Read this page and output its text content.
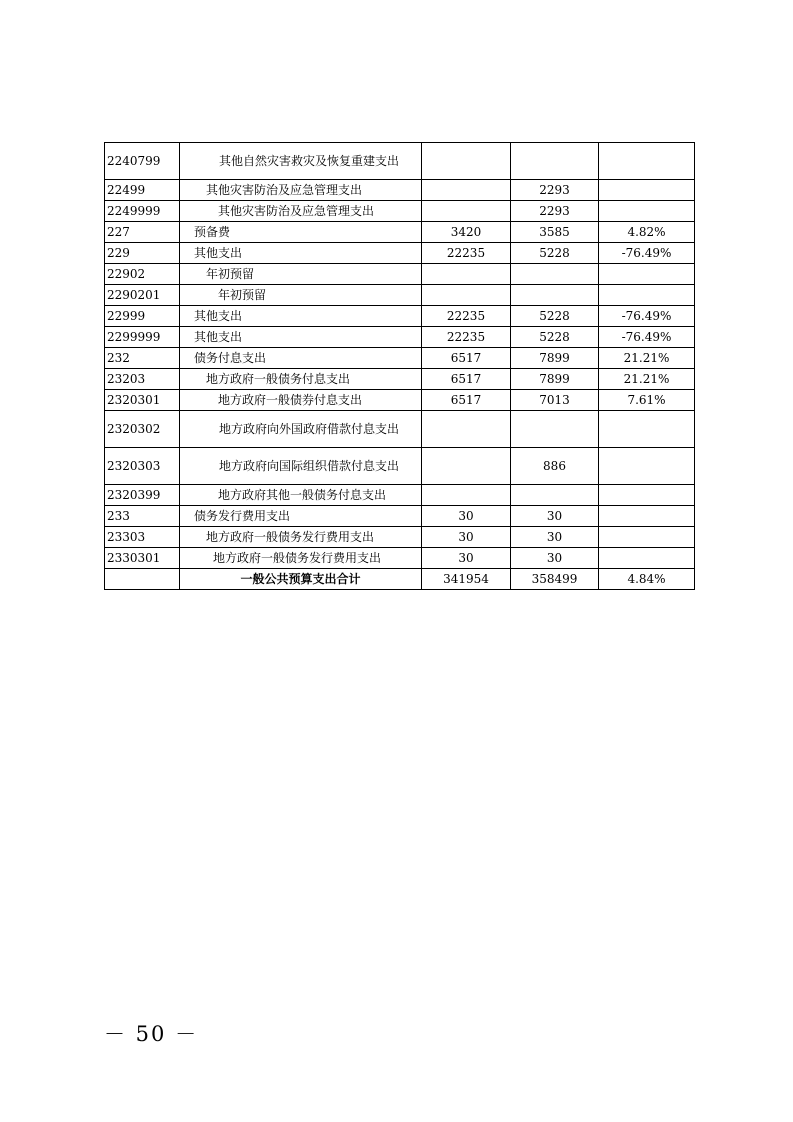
2240799	其他自然灾害救灾及恢复重建支出			
22499	其他灾害防治及应急管理支出		2293	
2249999	其他灾害防治及应急管理支出		2293	
227	预备费	3420	3585	4.82%
229	其他支出	22235	5228	-76.49%
22902	年初预留			
2290201	年初预留			
22999	其他支出	22235	5228	-76.49%
2299999	其他支出	22235	5228	-76.49%
232	债务付息支出	6517	7899	21.21%
23203	地方政府一般债务付息支出	6517	7899	21.21%
2320301	地方政府一般债券付息支出	6517	7013	7.61%
2320302	地方政府向外国政府借款付息支出			
2320303	地方政府向国际组织借款付息支出		886	
2320399	地方政府其他一般债务付息支出			
233	债务发行费用支出	30	30	
23303	地方政府一般债务发行费用支出	30	30	
2330301	地方政府一般债务发行费用支出	30	30	
	一般公共预算支出合计	341954	358499	4.84%
－ 50 －
